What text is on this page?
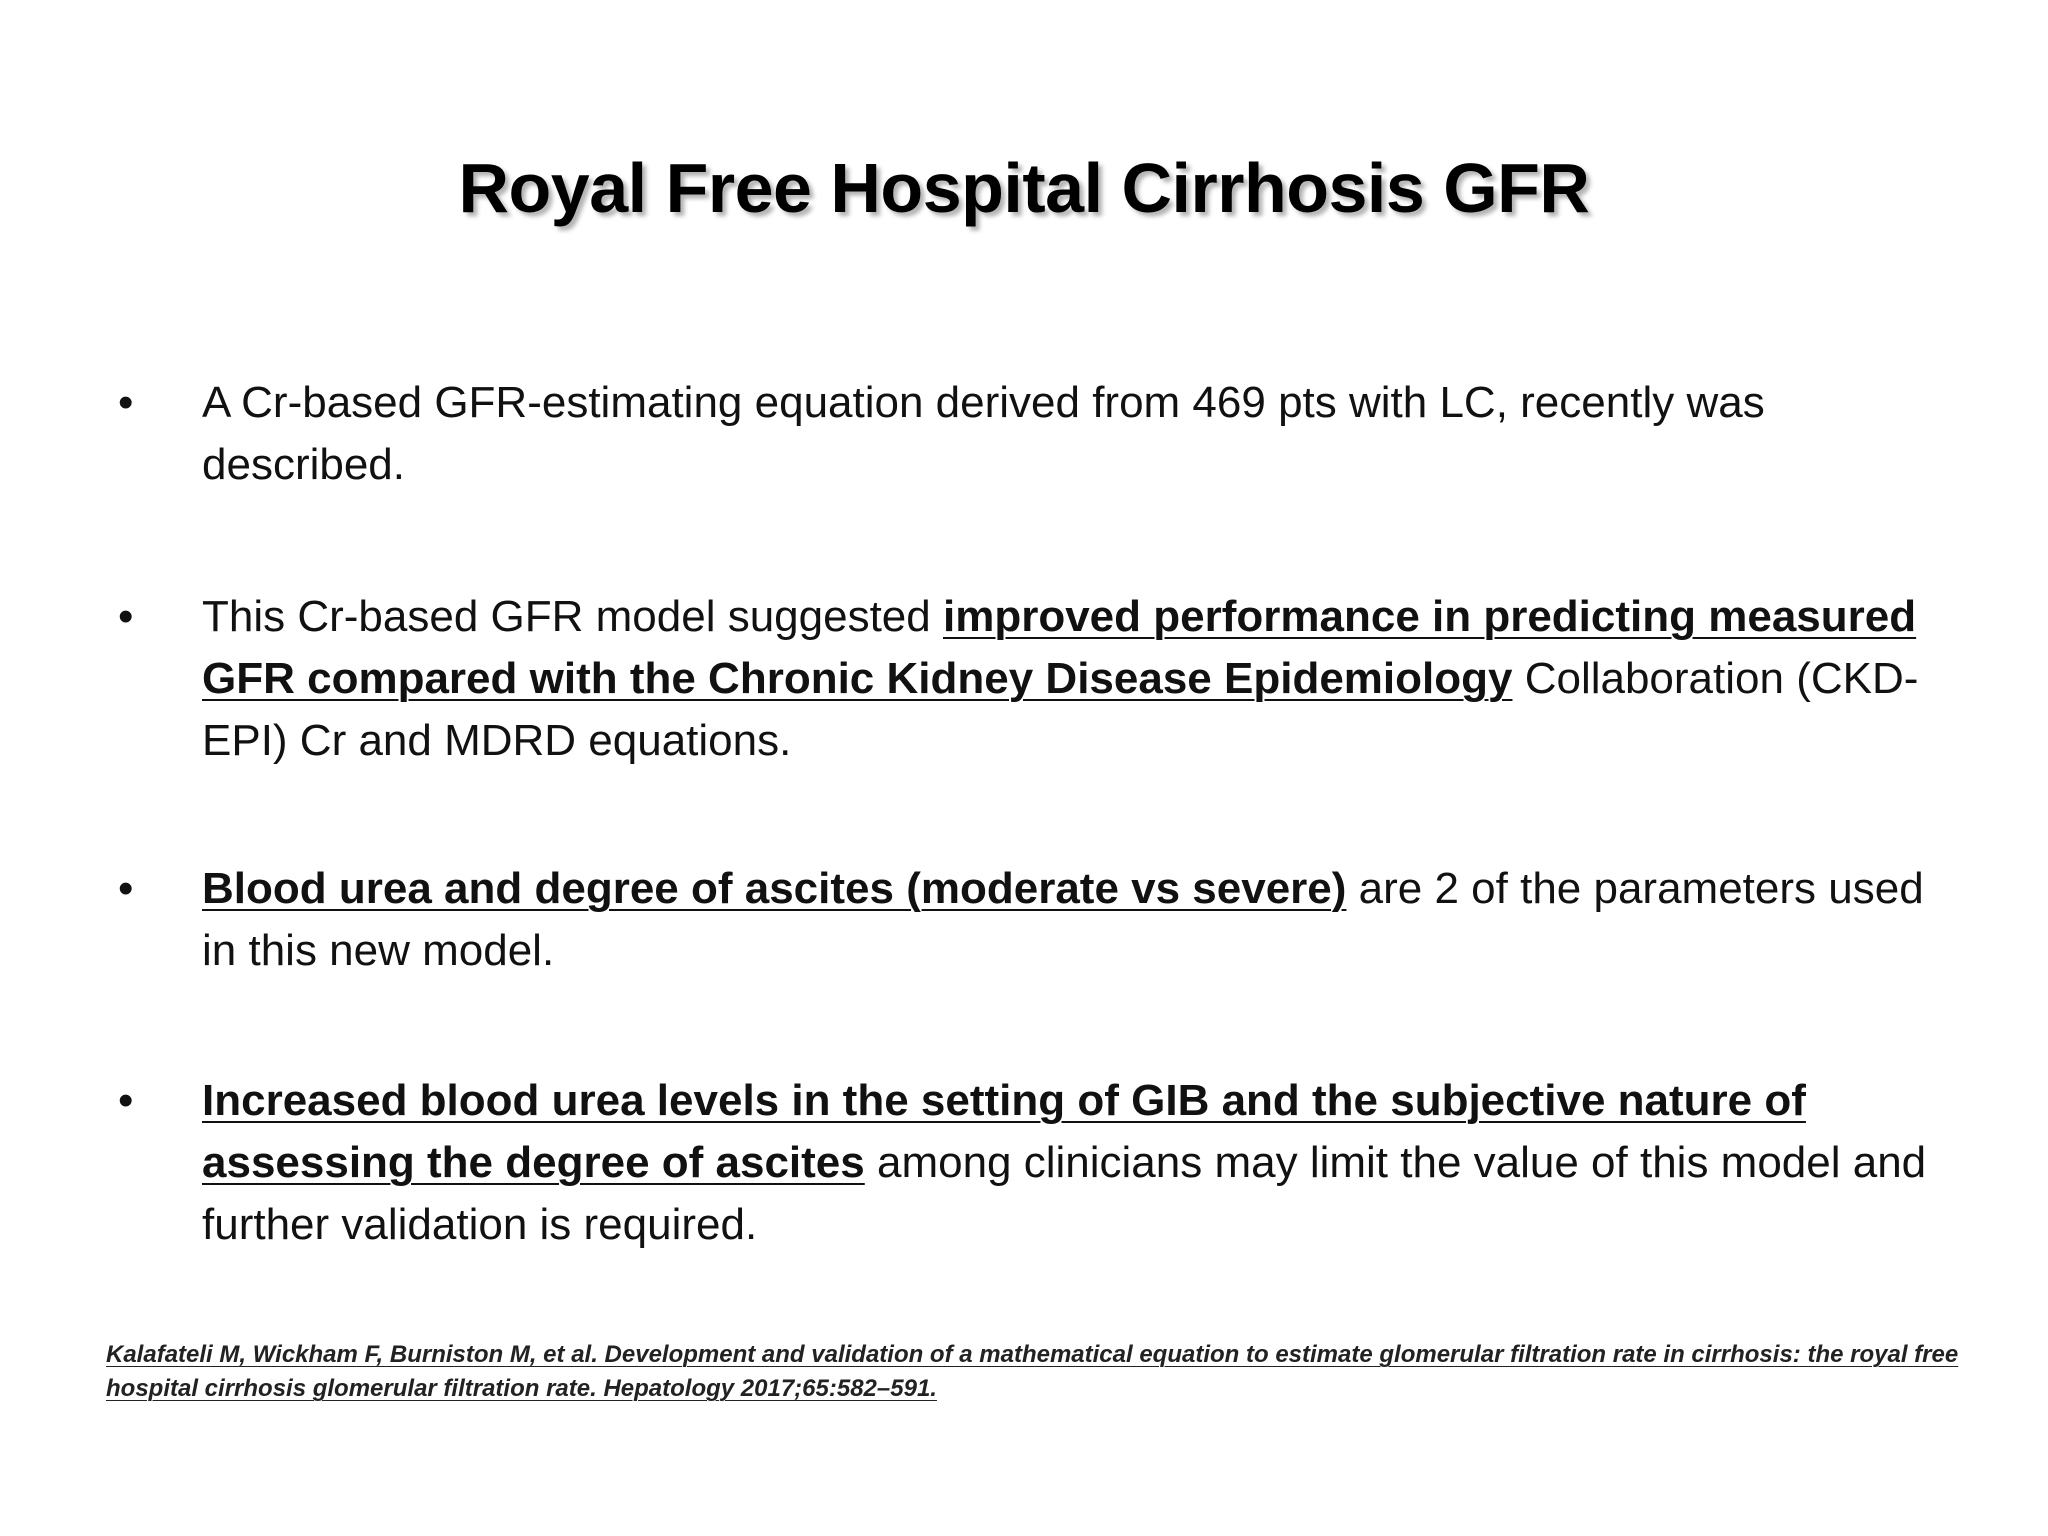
Royal Free Hospital Cirrhosis GFR
•	A Cr-based GFR-estimating equation derived from 469 pts with LC, recently was described.
•	This Cr-based GFR model suggested improved performance in predicting measured GFR compared with the Chronic Kidney Disease Epidemiology Collaboration (CKD-EPI) Cr and MDRD equations.
•	Blood urea and degree of ascites (moderate vs severe) are 2 of the parameters used in this new model.
•	Increased blood urea levels in the setting of GIB and the subjective nature of assessing the degree of ascites among clinicians may limit the value of this model and further validation is required.
Kalafateli M, Wickham F, Burniston M, et al. Development and validation of a mathematical equation to estimate glomerular filtration rate in cirrhosis: the royal free hospital cirrhosis glomerular filtration rate. Hepatology 2017;65:582–591.
